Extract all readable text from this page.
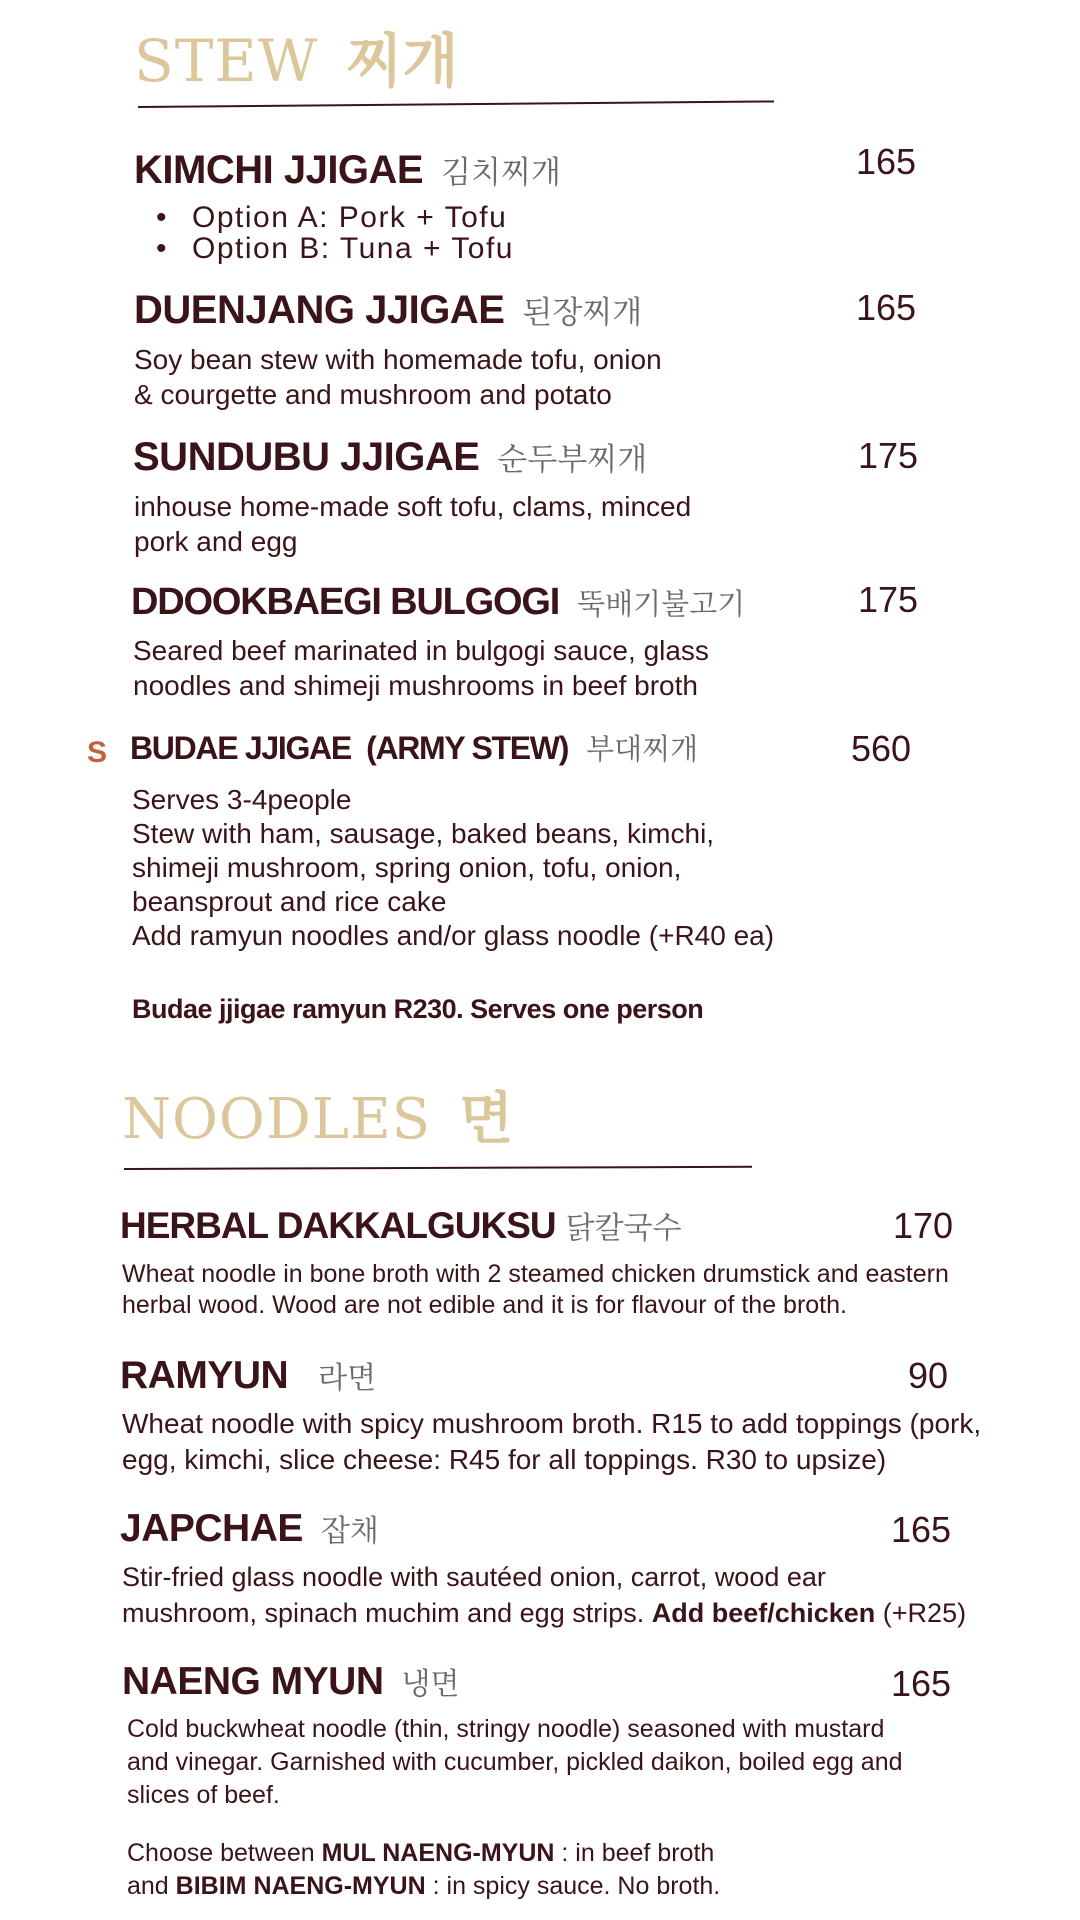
STEW 찌개
KIMCHI JJIGAE 김치찌개	165
• Option A: Pork + Tofu
• Option B: Tuna + Tofu
DUENJANG JJIGAE 된장찌개	165
Soy bean stew with homemade tofu, onion
& courgette and mushroom and potato
SUNDUBU JJIGAE 순두부찌개	175
inhouse home-made soft tofu, clams, minced
pork and egg
DDOOKBAEGI BULGOGI 뚝배기불고기	175
Seared beef marinated in bulgogi sauce, glass
noodles and shimeji mushrooms in beef broth
S BUDAE JJIGAE  (ARMY STEW) 부대찌개	560
Serves 3-4people
Stew with ham, sausage, baked beans, kimchi,
shimeji mushroom, spring onion, tofu, onion,
beansprout and rice cake
Add ramyun noodles and/or glass noodle (+R40 ea)
Budae jjigae ramyun R230. Serves one person
NOODLES 면
HERBAL DAKKALGUKSU 닭칼국수	170
Wheat noodle in bone broth with 2 steamed chicken drumstick and eastern
herbal wood. Wood are not edible and it is for flavour of the broth.
RAMYUN 라면	90
Wheat noodle with spicy mushroom broth. R15 to add toppings (pork,
egg, kimchi, slice cheese: R45 for all toppings. R30 to upsize)
JAPCHAE 잡채	165
Stir-fried glass noodle with sautéed onion, carrot, wood ear
mushroom, spinach muchim and egg strips. Add beef/chicken (+R25)
NAENG MYUN 냉면	165
Cold buckwheat noodle (thin, stringy noodle) seasoned with mustard
and vinegar. Garnished with cucumber, pickled daikon, boiled egg and
slices of beef.
Choose between MUL NAENG-MYUN : in beef broth
and BIBIM NAENG-MYUN : in spicy sauce. No broth.
